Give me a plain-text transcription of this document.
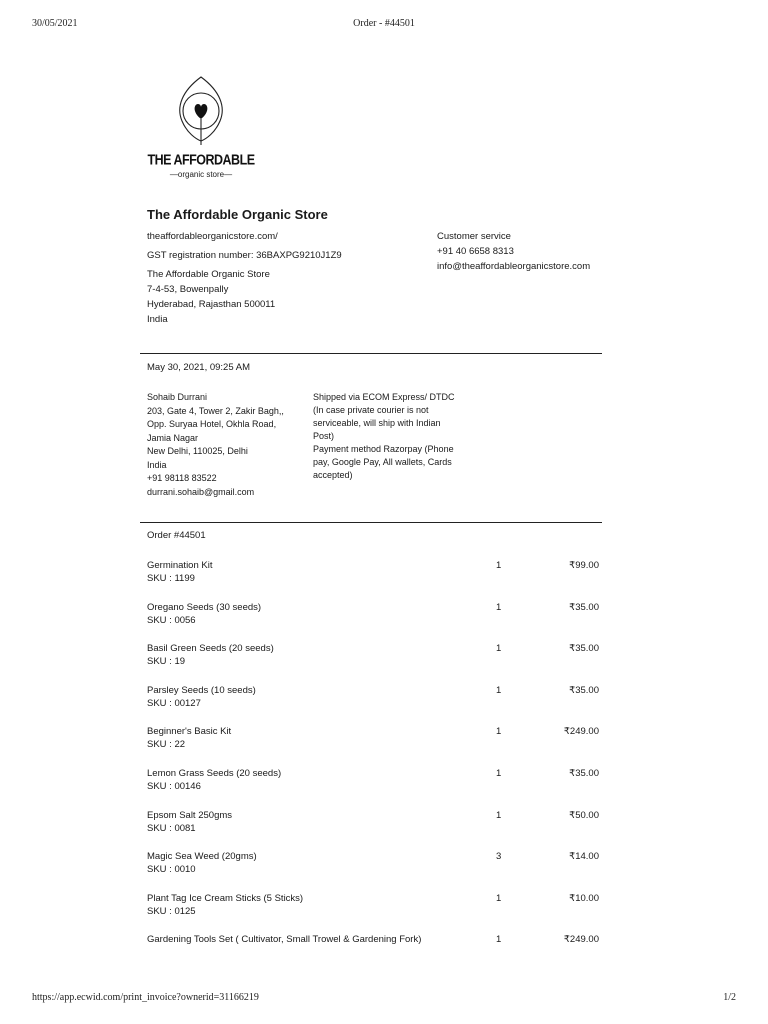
30/05/2021	Order - #44501
THE AFFORDABLE
—organic store—
The Affordable Organic Store
theaffordableorganicstore.com/
GST registration number: 36BAXPG9210J1Z9
The Affordable Organic Store
7-4-53, Bowenpally
Hyderabad, Rajasthan 500011
India
Customer service
+91 40 6658 8313
info@theaffordableorganicstore.com
May 30, 2021, 09:25 AM
Sohaib Durrani
203, Gate 4, Tower 2, Zakir Bagh,, Opp. Suryaa Hotel, Okhla Road, Jamia Nagar
New Delhi, 110025, Delhi
India
+91 98118 83522
durrani.sohaib@gmail.com
Shipped via ECOM Express/ DTDC (In case private courier is not serviceable, will ship with Indian Post)
Payment method Razorpay (Phone pay, Google Pay, All wallets, Cards accepted)
Order #44501
Germination Kit
SKU : 1199
1	₹99.00
Oregano Seeds (30 seeds)
SKU : 0056
1	₹35.00
Basil Green Seeds (20 seeds)
SKU : 19
1	₹35.00
Parsley Seeds (10 seeds)
SKU : 00127
1	₹35.00
Beginner's Basic Kit
SKU : 22
1	₹249.00
Lemon Grass Seeds (20 seeds)
SKU : 00146
1	₹35.00
Epsom Salt 250gms
SKU : 0081
1	₹50.00
Magic Sea Weed (20gms)
SKU : 0010
3	₹14.00
Plant Tag Ice Cream Sticks (5 Sticks)
SKU : 0125
1	₹10.00
Gardening Tools Set ( Cultivator, Small Trowel & Gardening Fork)	1	₹249.00
https://app.ecwid.com/print_invoice?ownerid=31166219	1/2
